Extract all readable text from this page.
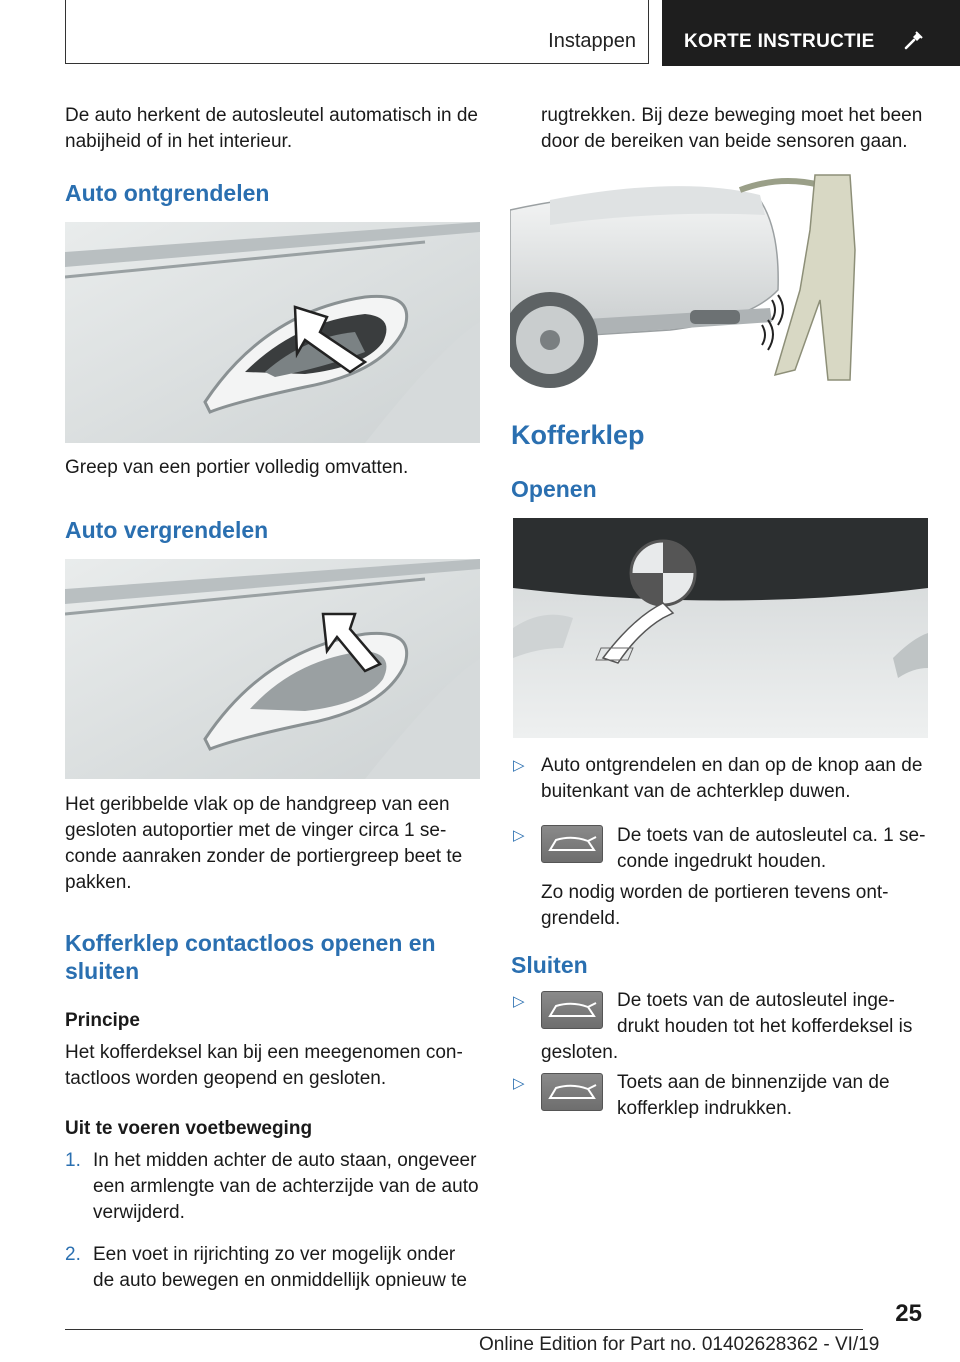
Instappen	KORTE INSTRUCTIE
De auto herkent de autosleutel automatisch in de nabijheid of in het interieur.
Auto ontgrendelen
Greep van een portier volledig omvatten.
Auto vergrendelen
Het geribbelde vlak op de handgreep van een gesloten autoportier met de vinger circa 1 seconde aanraken zonder de portiergreep beet te pakken.
Kofferklep contactloos openen en sluiten
Principe
Het kofferdeksel kan bij een meegenomen contactloos worden geopend en gesloten.
Uit te voeren voetbeweging
1. In het midden achter de auto staan, ongeveer een armlengte van de achterzijde van de auto verwijderd.
2. Een voet in rijrichting zo ver mogelijk onder de auto bewegen en onmiddellijk opnieuw te
rugtrekken. Bij deze beweging moet het been door de bereiken van beide sensoren gaan.
Kofferklep
Openen
▷ Auto ontgrendelen en dan op de knop aan de buitenkant van de achterklep duwen.
▷	De toets van de autosleutel ca. 1 seconde ingedrukt houden.
Zo nodig worden de portieren tevens ontgrendeld.
Sluiten
▷	De toets van de autosleutel ingedrukt houden tot het kofferdeksel is
gesloten.
▷	Toets aan de binnenzijde van de kofferklep indrukken.
25
Online Edition for Part no. 01402628362 - VI/19
